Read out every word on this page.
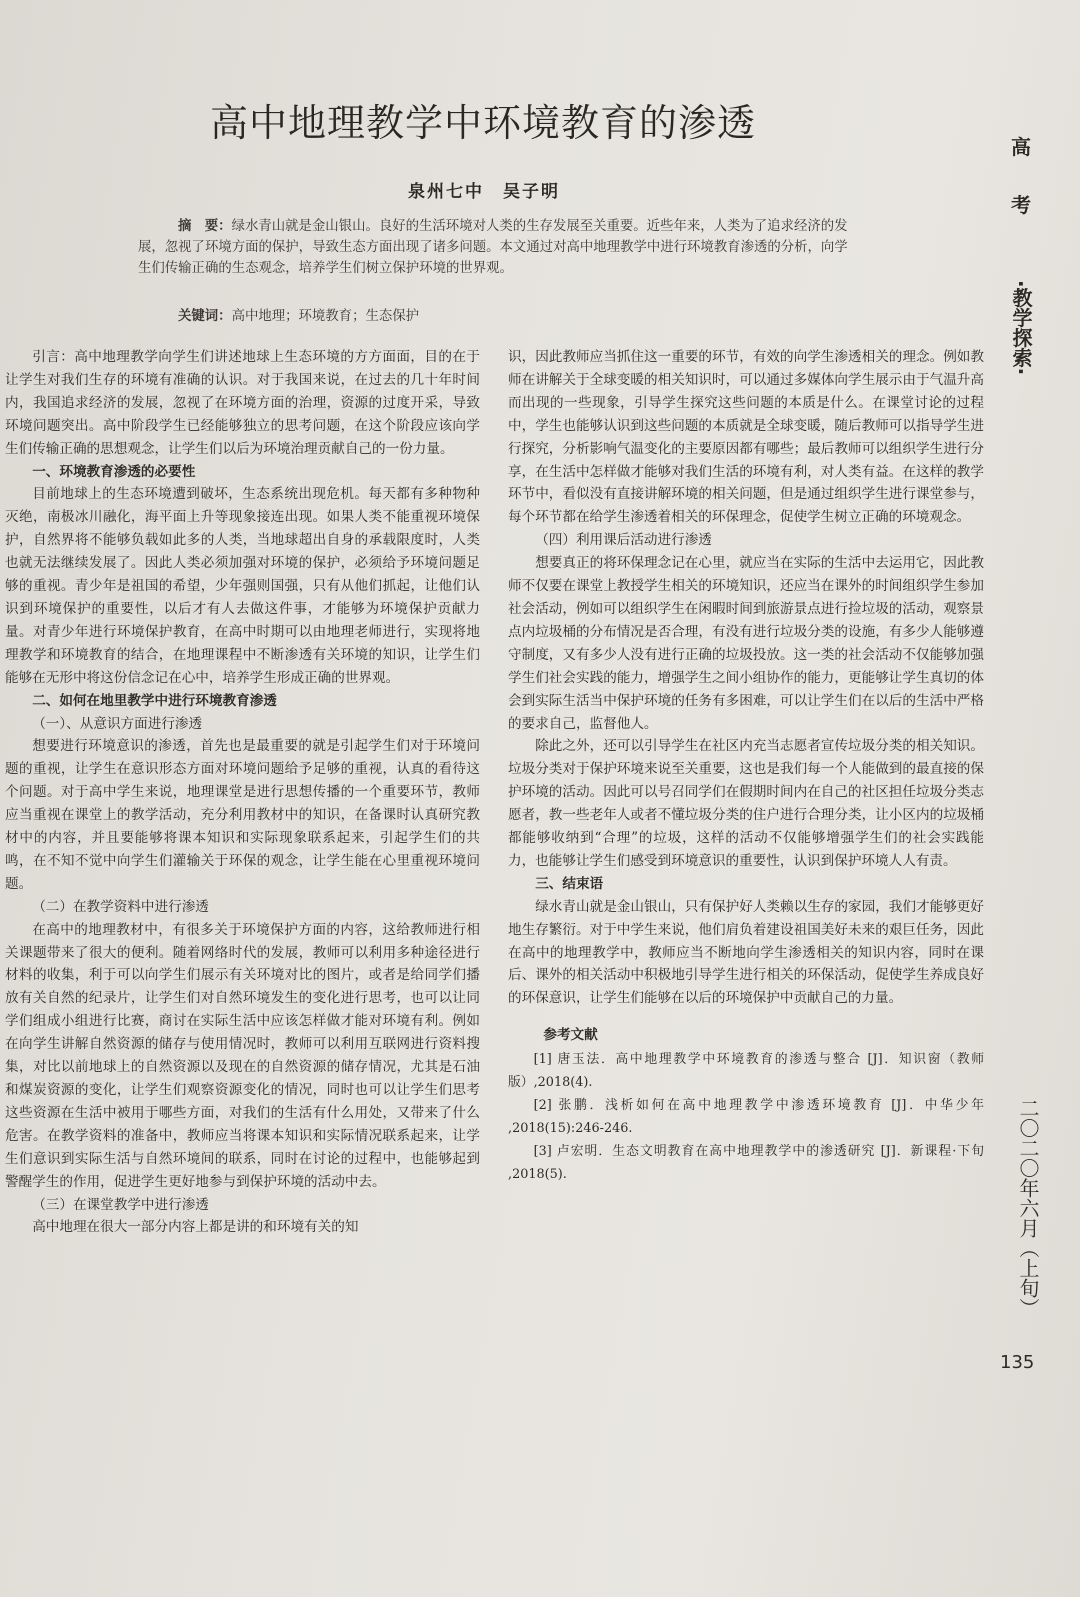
高中地理教学中环境教育的渗透
泉州七中　吴子明
摘　要：绿水青山就是金山银山。良好的生活环境对人类的生存发展至关重要。近些年来，人类为了追求经济的发展，忽视了环境方面的保护，导致生态方面出现了诸多问题。本文通过对高中地理教学中进行环境教育渗透的分析，向学生们传输正确的生态观念，培养学生们树立保护环境的世界观。
关键词：高中地理；环境教育；生态保护

引言：高中地理教学向学生们讲述地球上生态环境的方方面面，目的在于让学生对我们生存的环境有准确的认识。对于我国来说，在过去的几十年时间内，我国追求经济的发展，忽视了在环境方面的治理，资源的过度开采，导致环境问题突出。高中阶段学生已经能够独立的思考问题，在这个阶段应该向学生们传输正确的思想观念，让学生们以后为环境治理贡献自己的一份力量。

一、环境教育渗透的必要性

目前地球上的生态环境遭到破坏，生态系统出现危机。每天都有多种物种灭绝，南极冰川融化，海平面上升等现象接连出现。如果人类不能重视环境保护，自然界将不能够负载如此多的人类，当地球超出自身的承载限度时，人类也就无法继续发展了。因此人类必须加强对环境的保护，必须给予环境问题足够的重视。青少年是祖国的希望，少年强则国强，只有从他们抓起，让他们认识到环境保护的重要性，以后才有人去做这件事，才能够为环境保护贡献力量。对青少年进行环境保护教育，在高中时期可以由地理老师进行，实现将地理教学和环境教育的结合，在地理课程中不断渗透有关环境的知识，让学生们能够在无形中将这份信念记在心中，培养学生形成正确的世界观。

二、如何在地里教学中进行环境教育渗透
（一）、从意识方面进行渗透

想要进行环境意识的渗透，首先也是最重要的就是引起学生们对于环境问题的重视，让学生在意识形态方面对环境问题给予足够的重视，认真的看待这个问题。对于高中学生来说，地理课堂是进行思想传播的一个重要环节，教师应当重视在课堂上的教学活动，充分利用教材中的知识，在备课时认真研究教材中的内容，并且要能够将课本知识和实际现象联系起来，引起学生们的共鸣，在不知不觉中向学生们灌输关于环保的观念，让学生能在心里重视环境问题。

（二）在教学资料中进行渗透

在高中的地理教材中，有很多关于环境保护方面的内容，这给教师进行相关课题带来了很大的便利。随着网络时代的发展，教师可以利用多种途径进行材料的收集，利于可以向学生们展示有关环境对比的图片，或者是给同学们播放有关自然的纪录片，让学生们对自然环境发生的变化进行思考，也可以让同学们组成小组进行比赛，商讨在实际生活中应该怎样做才能对环境有利。例如在向学生讲解自然资源的储存与使用情况时，教师可以利用互联网进行资料搜集，对比以前地球上的自然资源以及现在的自然资源的储存情况，尤其是石油和煤炭资源的变化，让学生们观察资源变化的情况，同时也可以让学生们思考这些资源在生活中被用于哪些方面，对我们的生活有什么用处，又带来了什么危害。在教学资料的准备中，教师应当将课本知识和实际情况联系起来，让学生们意识到实际生活与自然环境间的联系，同时在讨论的过程中，也能够起到警醒学生的作用，促进学生更好地参与到保护环境的活动中去。

（三）在课堂教学中进行渗透

高中地理在很大一部分内容上都是讲的和环境有关的知

识，因此教师应当抓住这一重要的环节，有效的向学生渗透相关的理念。例如教师在讲解关于全球变暖的相关知识时，可以通过多媒体向学生展示由于气温升高而出现的一些现象，引导学生探究这些问题的本质是什么。在课堂讨论的过程中，学生也能够认识到这些问题的本质就是全球变暖，随后教师可以指导学生进行探究，分析影响气温变化的主要原因都有哪些；最后教师可以组织学生进行分享，在生活中怎样做才能够对我们生活的环境有利，对人类有益。在这样的教学环节中，看似没有直接讲解环境的相关问题，但是通过组织学生进行课堂参与，每个环节都在给学生渗透着相关的环保理念，促使学生树立正确的环境观念。

（四）利用课后活动进行渗透

想要真正的将环保理念记在心里，就应当在实际的生活中去运用它，因此教师不仅要在课堂上教授学生相关的环境知识，还应当在课外的时间组织学生参加社会活动，例如可以组织学生在闲暇时间到旅游景点进行捡垃圾的活动，观察景点内垃圾桶的分布情况是否合理，有没有进行垃圾分类的设施，有多少人能够遵守制度，又有多少人没有进行正确的垃圾投放。这一类的社会活动不仅能够加强学生们社会实践的能力，增强学生之间小组协作的能力，更能够让学生真切的体会到实际生活当中保护环境的任务有多困难，可以让学生们在以后的生活中严格的要求自己，监督他人。

除此之外，还可以引导学生在社区内充当志愿者宣传垃圾分类的相关知识。垃圾分类对于保护环境来说至关重要，这也是我们每一个人能做到的最直接的保护环境的活动。因此可以号召同学们在假期时间内在自己的社区担任垃圾分类志愿者，教一些老年人或者不懂垃圾分类的住户进行合理分类，让小区内的垃圾桶都能够收纳到“合理”的垃圾，这样的活动不仅能够增强学生们的社会实践能力，也能够让学生们感受到环境意识的重要性，认识到保护环境人人有责。

三、结束语

绿水青山就是金山银山，只有保护好人类赖以生存的家园，我们才能够更好地生存繁衍。对于中学生来说，他们肩负着建设祖国美好未来的艰巨任务，因此在高中的地理教学中，教师应当不断地向学生渗透相关的知识内容，同时在课后、课外的相关活动中积极地引导学生进行相关的环保活动，促使学生养成良好的环保意识，让学生们能够在以后的环境保护中贡献自己的力量。

参考文献

[1] 唐玉法．高中地理教学中环境教育的渗透与整合 [J]．知识窗（教师版）,2018(4).

[2] 张鹏．浅析如何在高中地理教学中渗透环境教育 [J]．中华少年 ,2018(15):246-246.

[3] 卢宏明．生态文明教育在高中地理教学中的渗透研究 [J]．新课程·下旬 ,2018(5).

高
考
·教学探索·
二〇二〇年六月（上旬）
135
